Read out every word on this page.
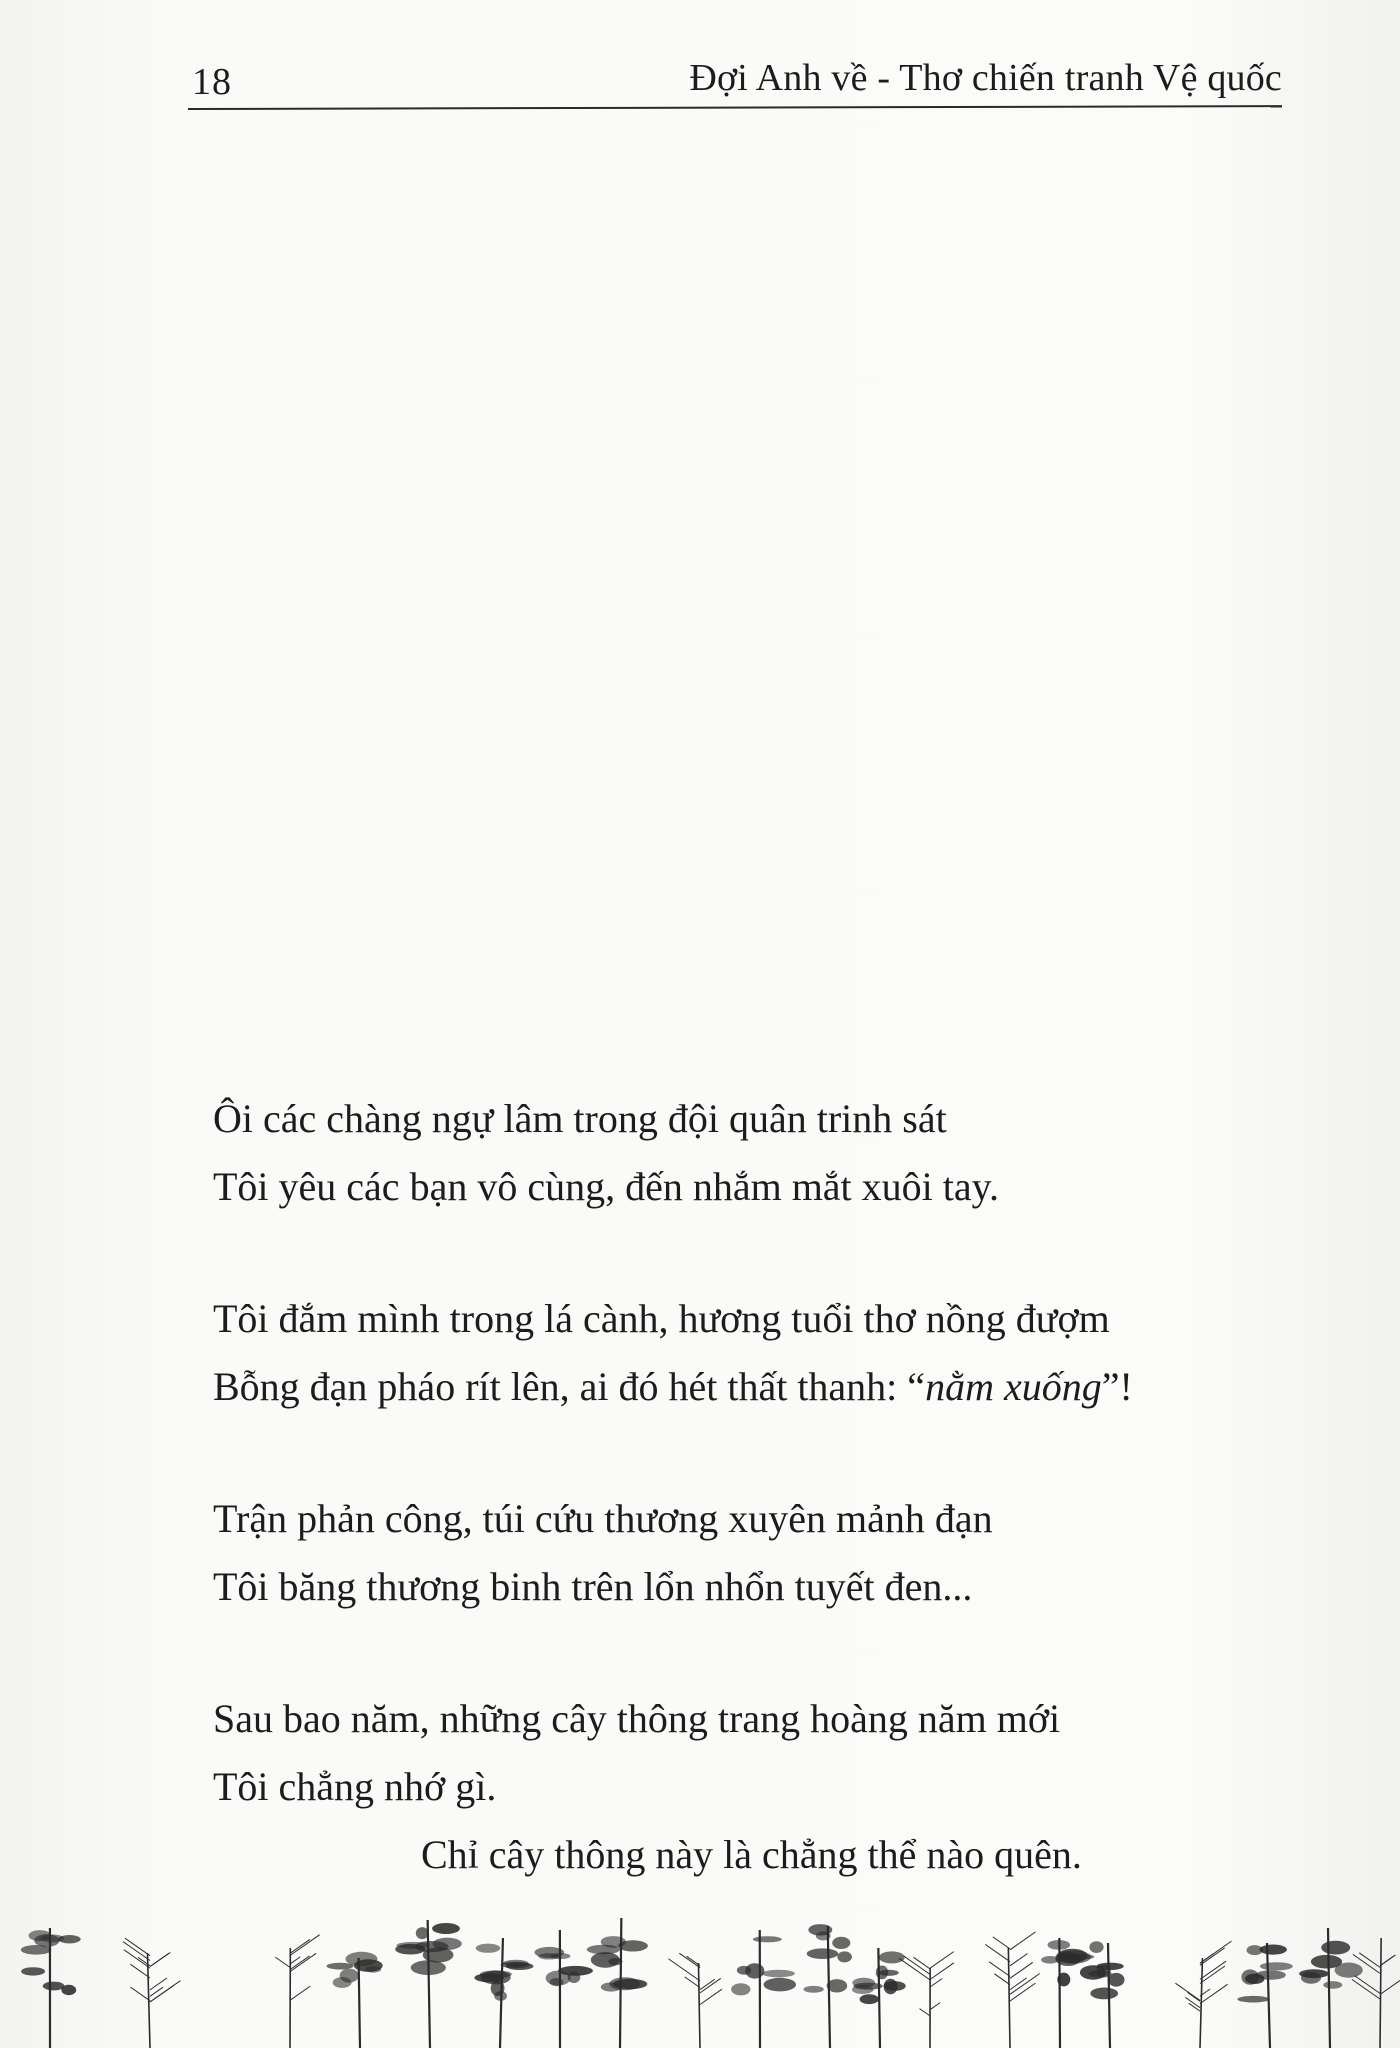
18	Đợi Anh về - Thơ chiến tranh Vệ quốc
Ôi các chàng ngự lâm trong đội quân trinh sát
Tôi yêu các bạn vô cùng, đến nhắm mắt xuôi tay.
Tôi đắm mình trong lá cành, hương tuổi thơ nồng đượm
Bỗng đạn pháo rít lên, ai đó hét thất thanh: “nằm xuống”!
Trận phản công, túi cứu thương xuyên mảnh đạn
Tôi băng thương binh trên lổn nhổn tuyết đen...
Sau bao năm, những cây thông trang hoàng năm mới
Tôi chẳng nhớ gì.
Chỉ cây thông này là chẳng thể nào quên.
